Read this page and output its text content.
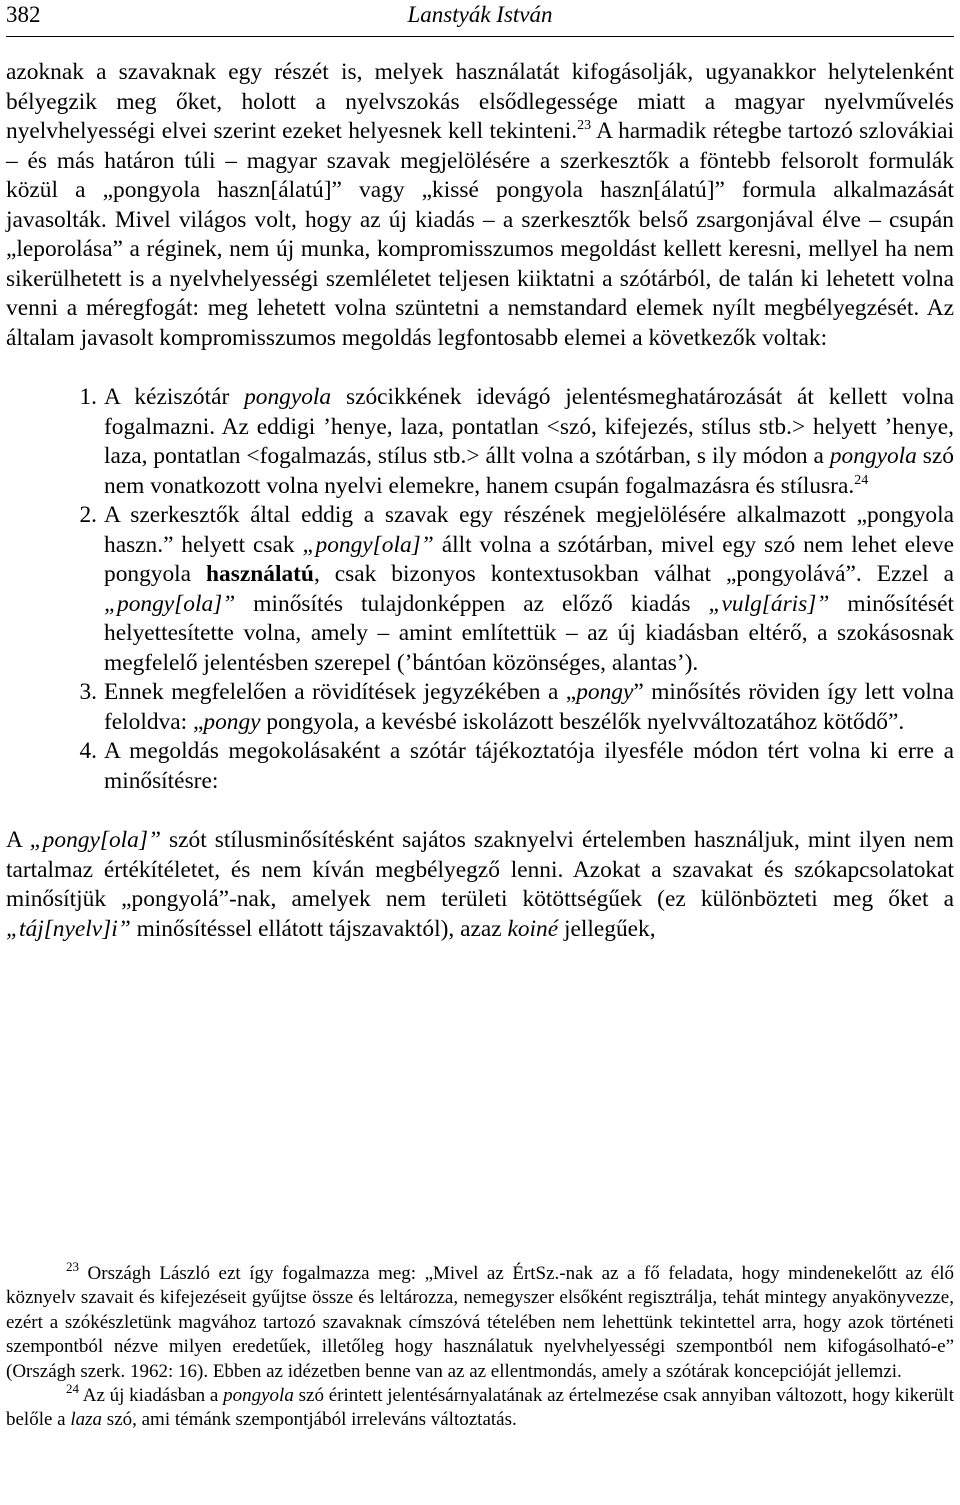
382	Lanstyák István

azoknak a szavaknak egy részét is, melyek használatát kifogásolják, ugyanakkor helytelenként bélyegzik meg őket, holott a nyelvszokás elsődlegessége miatt a magyar nyelvművelés nyelvhelyességi elvei szerint ezeket helyesnek kell tekinteni.$^{23}$ A harmadik rétegbe tartozó szlovákiai – és más határon túli – magyar szavak megjelölésére a szerkesztők a föntebb felsorolt formulák közül a „pongyola haszn[álatú]” vagy „kissé pongyola haszn[álatú]” formula alkalmazását javasolták. Mivel világos volt, hogy az új kiadás – a szerkesztők belső zsargonjával élve – csupán „leporolása” a réginek, nem új munka, kompromisszumos megoldást kellett keresni, mellyel ha nem sikerülhetett is a nyelvhelyességi szemléletet teljesen kiiktatni a szótárból, de talán ki lehetett volna venni a méregfogát: meg lehetett volna szüntetni a nemstandard elemek nyílt megbélyegzését. Az általam javasolt kompromisszumos megoldás legfontosabb elemei a következők voltak:

1. A kéziszótár pongyola szócikkének idevágó jelentésmeghatározását át kellett volna fogalmazni. Az eddigi ’henye, laza, pontatlan <szó, kifejezés, stílus stb.> helyett ’henye, laza, pontatlan <fogalmazás, stílus stb.> állt volna a szótárban, s ily módon a pongyola szó nem vonatkozott volna nyelvi elemekre, hanem csupán fogalmazásra és stílusra.$^{24}$
2. A szerkesztők által eddig a szavak egy részének megjelölésére alkalmazott „pongyola haszn.” helyett csak „pongy[ola]” állt volna a szótárban, mivel egy szó nem lehet eleve pongyola használatú, csak bizonyos kontextusokban válhat „pongyolává”. Ezzel a „pongy[ola]” minősítés tulajdonképpen az előző kiadás „vulg[áris]” minősítését helyettesítette volna, amely – amint említettük – az új kiadásban eltérő, a szokásosnak megfelelő jelentésben szerepel (’bántóan közönséges, alantas’).
3. Ennek megfelelően a rövidítések jegyzékében a „pongy” minősítés röviden így lett volna feloldva: „pongy pongyola, a kevésbé iskolázott beszélők nyelvváltozatához kötődő”.
4. A megoldás megokolásaként a szótár tájékoztatója ilyesféle módon tért volna ki erre a minősítésre:

A „pongy[ola]” szót stílusminősítésként sajátos szaknyelvi értelemben használjuk, mint ilyen nem tartalmaz értékítéletet, és nem kíván megbélyegző lenni. Azokat a szavakat és szókapcsolatokat minősítjük „pongyolá”-nak, amelyek nem területi kötöttségűek (ez különbözteti meg őket a „táj[nyelv]i” minősítéssel ellátott tájszavaktól), azaz koiné jellegűek,

$^{23}$ Országh László ezt így fogalmazza meg: „Mivel az ÉrtSz.-nak az a fő feladata, hogy mindenekelőtt az élő köznyelv szavait és kifejezéseit gyűjtse össze és leltározza, nemegyszer elsőként regisztrálja, tehát mintegy anyakönyvezze, ezért a szókészletünk magvához tartozó szavaknak címszóvá tételében nem lehettünk tekintettel arra, hogy azok történeti szempontból nézve milyen eredetűek, illetőleg hogy használatuk nyelvhelyességi szempontból nem kifogásolható-e” (Országh szerk. 1962: 16). Ebben az idézetben benne van az az ellentmondás, amely a szótárak koncepcióját jellemzi.

$^{24}$ Az új kiadásban a pongyola szó érintett jelentésárnyalatának az értelmezése csak annyiban változott, hogy kikerült belőle a laza szó, ami témánk szempontjából irreleváns változtatás.
